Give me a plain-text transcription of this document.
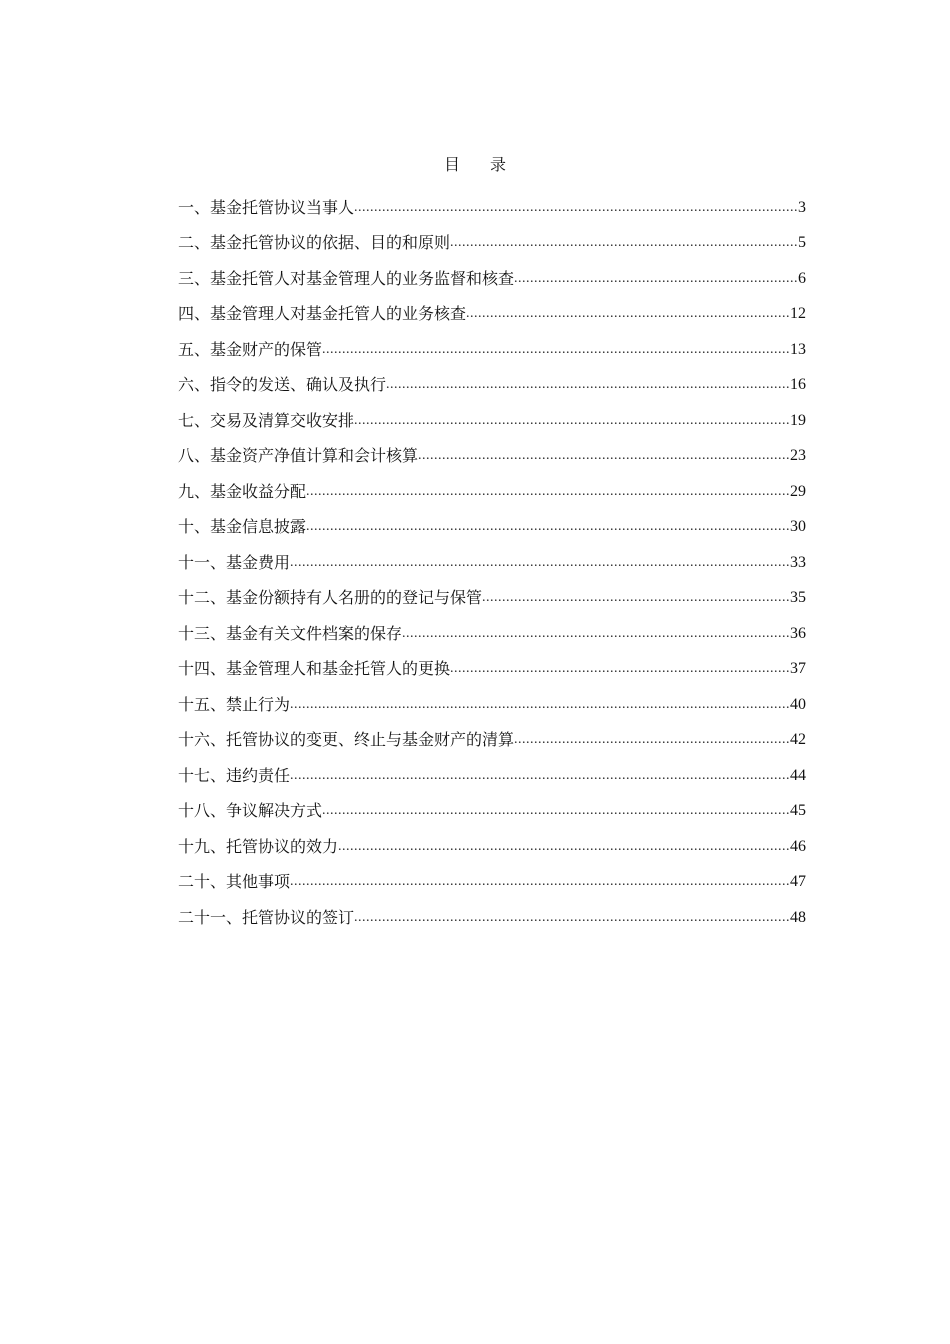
目 录
一、基金托管协议当事人 .....	3
二、基金托管协议的依据、目的和原则 .....	5
三、基金托管人对基金管理人的业务监督和核查 .....	6
四、基金管理人对基金托管人的业务核查 .....	12
五、基金财产的保管 .....	13
六、指令的发送、确认及执行 .....	16
七、交易及清算交收安排 .....	19
八、基金资产净值计算和会计核算 .....	23
九、基金收益分配 .....	29
十、基金信息披露 .....	30
十一、基金费用 .....	33
十二、基金份额持有人名册的的登记与保管 .....	35
十三、基金有关文件档案的保存 .....	36
十四、基金管理人和基金托管人的更换 .....	37
十五、禁止行为 .....	40
十六、托管协议的变更、终止与基金财产的清算 .....	42
十七、违约责任 .....	44
十八、争议解决方式 .....	45
十九、托管协议的效力 .....	46
二十、其他事项 .....	47
二十一、托管协议的签订 .....	48
